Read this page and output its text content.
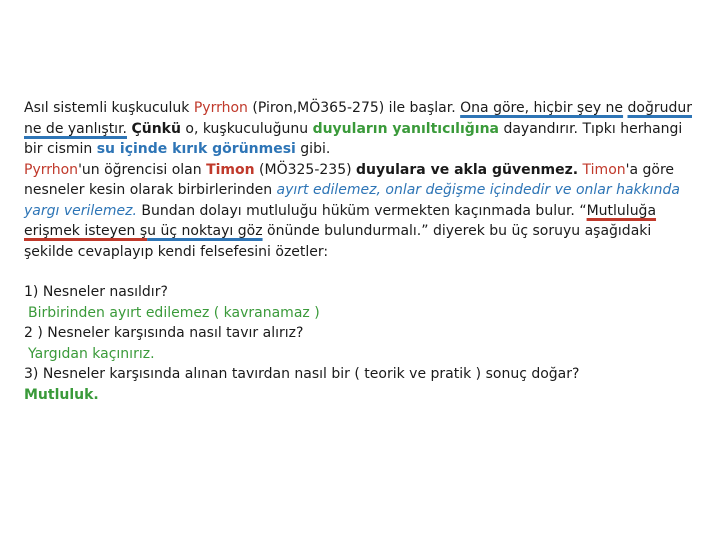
Asıl sistemli kuşkuculuk Pyrrhon (Piron,MÖ365-275) ile başlar. Ona göre, hiçbir şey ne doğrudur ne de yanlıştır. Çünkü o, kuşkuculuğunu duyuların yanıltıcılığına dayandırır. Tıpkı herhangi bir cismin su içinde kırık görünmesi gibi.

Pyrrhon'un öğrencisi olan Timon (MÖ325-235) duyulara ve akla güvenmez. Timon'a göre nesneler kesin olarak birbirlerinden ayırt edilemez, onlar değişme içindedir ve onlar hakkında yargı verilemez. Bundan dolayı mutluluğu hüküm vermekten kaçınmada bulur. “Mutluluğa erişmek isteyen şu üç noktayı göz önünde bulundurmalı.” diyerek bu üç soruyu aşağıdaki şekilde cevaplayıp kendi felsefesini özetler:

1) Nesneler nasıldır?

Birbirinden ayırt edilemez ( kavranamaz )

2 ) Nesneler karşısında nasıl tavır alırız?

Yargıdan kaçınırız.

3) Nesneler karşısında alınan tavırdan nasıl bir ( teorik ve pratik ) sonuç doğar?

Mutluluk.
